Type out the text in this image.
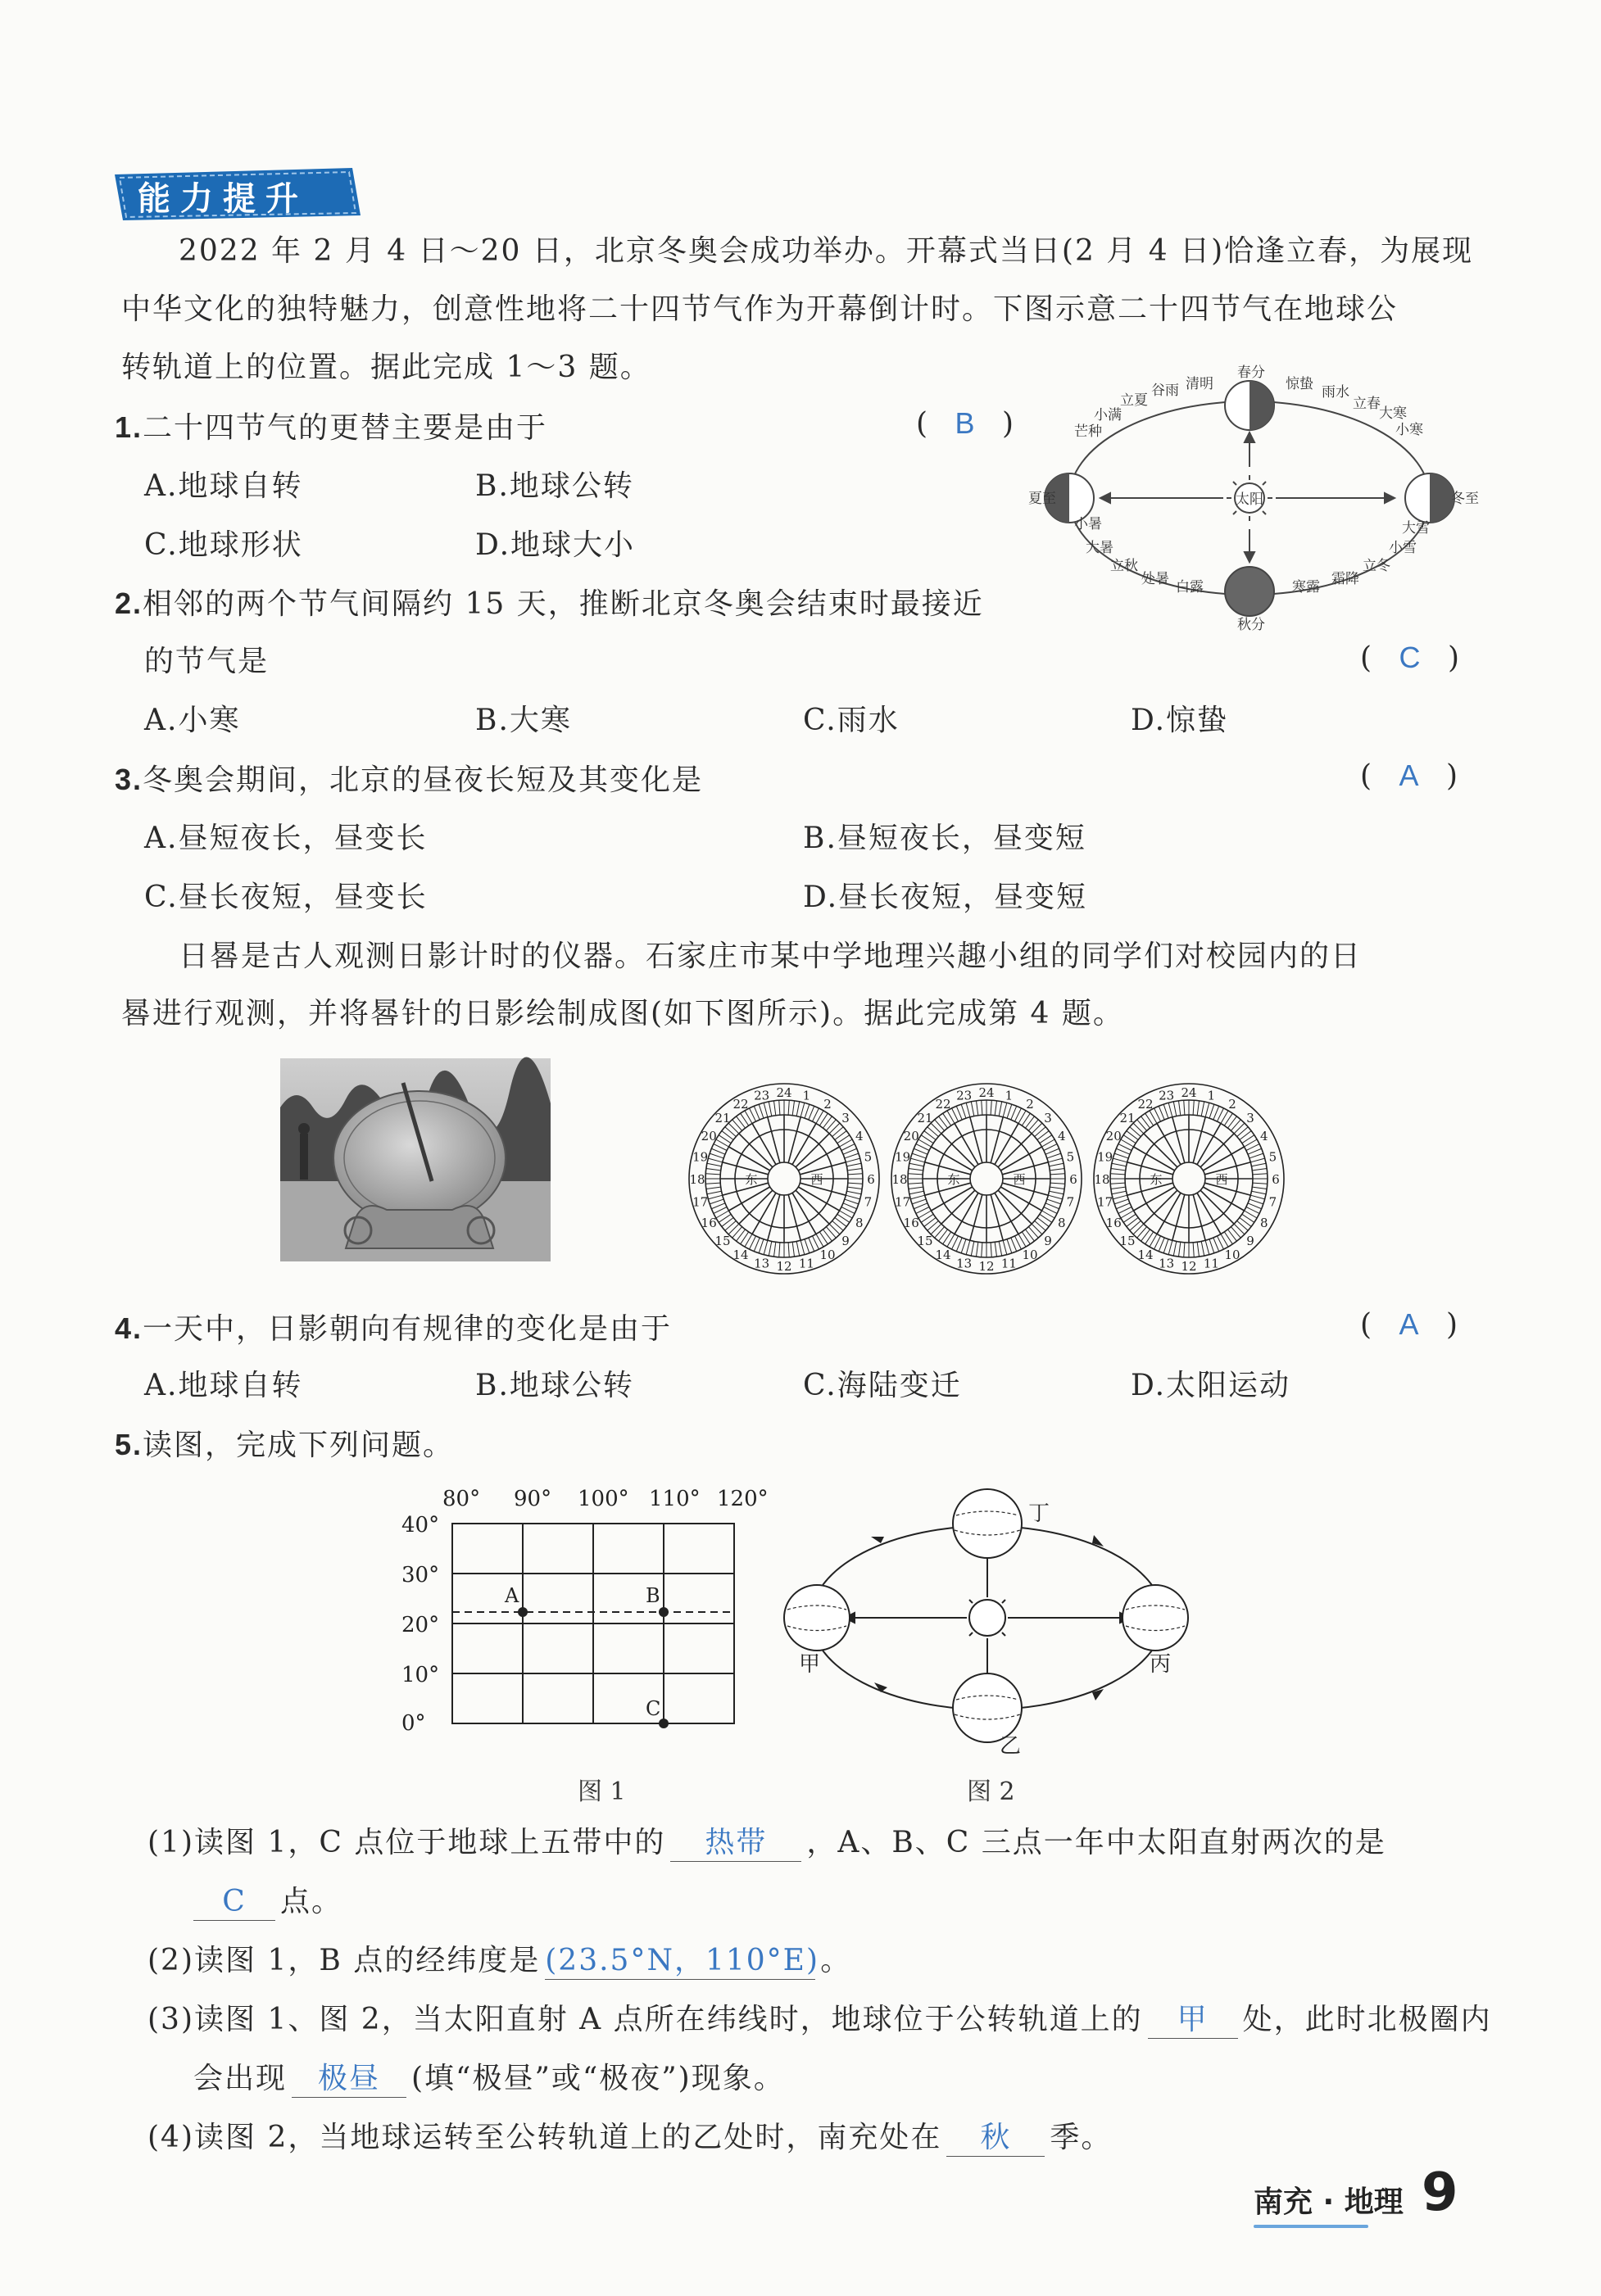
能力提升
2022 年 2 月 4 日～20 日，北京冬奥会成功举办。开幕式当日(2 月 4 日)恰逢立春，为展现
中华文化的独特魅力，创意性地将二十四节气作为开幕倒计时。下图示意二十四节气在地球公
转轨道上的位置。据此完成 1～3 题。
1.二十四节气的更替主要是由于	( B )
A.地球自转	B.地球公转
C.地球形状	D.地球大小
太阳
春分
清明
谷雨
立夏
小满
芒种
惊蛰 雨水
立春
夏至
小暑
大暑
立秋
处暑 白露
小寒
大寒
冬至
大雪
小雪
立冬
霜降
寒露
秋分
2.相邻的两个节气间隔约 15 天，推断北京冬奥会结束时最接近
的节气是	( C )
A.小寒	B.大寒	C.雨水	D.惊蛰
3.冬奥会期间，北京的昼夜长短及其变化是	( A )
A.昼短夜长，昼变长	B.昼短夜长，昼变短
C.昼长夜短，昼变长	D.昼长夜短，昼变短
日晷是古人观测日影计时的仪器。石家庄市某中学地理兴趣小组的同学们对校园内的日
晷进行观测，并将晷针的日影绘制成图(如下图所示)。据此完成第 4 题。
24 1
2
3
4
5
6
7
8
9
10
11
12
13
14
15
16
17
18
19
20
21
22
23
东	西
24 1
2
3
4
5
6
7
8
9
10
11
12
13
14
15
16
17
18
19
20
21
22
23
东	西
24 1
2
3
4
5
6
7
8
9
10
11
12
13
14
15
16
17
18
19
20
21
22
23
东	西
4.一天中，日影朝向有规律的变化是由于	( A )
A.地球自转	B.地球公转	C.海陆变迁	D.太阳运动
5.读图，完成下列问题。
80° 90° 100° 110° 120°
40°
30°
20°
10°
0°
A	B
C
图 1
甲
乙
丙
丁
图 2
(1)读图 1，C 点位于地球上五带中的 热带 ，A、B、C 三点一年中太阳直射两次的是
C 点。
(2)读图 1，B 点的经纬度是 (23.5°N，110°E)。
(3)读图 1、图 2，当太阳直射 A 点所在纬线时，地球位于公转轨道上的 甲 处，此时北极圈内
会出现 极昼 (填“极昼”或“极夜”)现象。
(4)读图 2，当地球运转至公转轨道上的乙处时，南充处在 秋 季。
南充 · 地理 9
